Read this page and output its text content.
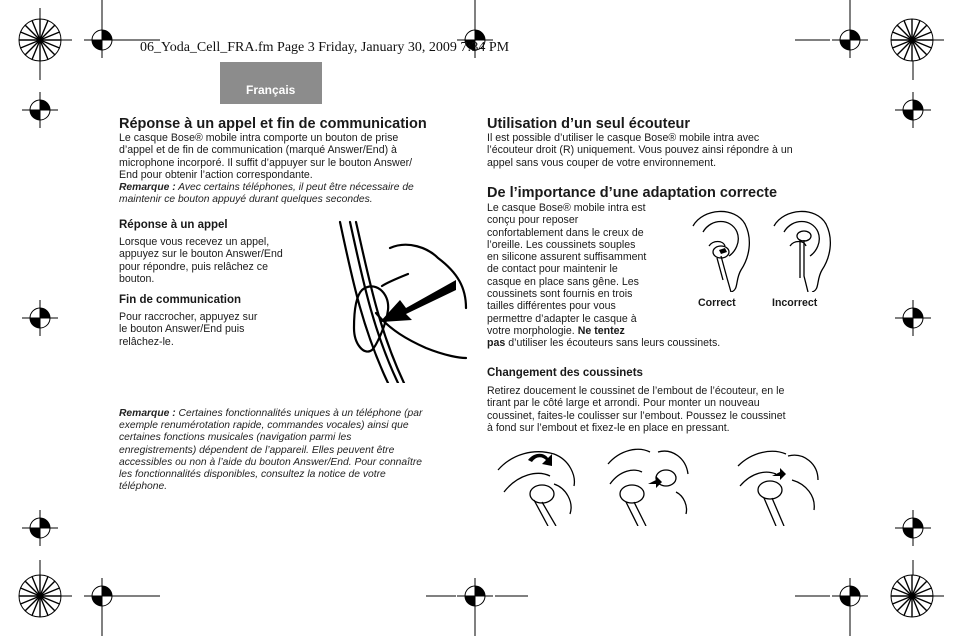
Français
06_Yoda_Cell_FRA.fm Page 3 Friday, January 30, 2009 7:34 PM
Réponse à un appel et fin de communication

Le casque Bose® mobile intra comporte un bouton de prise
d’appel et de fin de communication (marqué Answer/End) à
microphone incorporé. Il suffit d’appuyer sur le bouton Answer/
End pour obtenir l’action correspondante.

Remarque : Avec certains téléphones, il peut être nécessaire de
maintenir ce bouton appuyé durant quelques secondes.

Réponse à un appel

Lorsque vous recevez un appel,
appuyez sur le bouton Answer/End
pour répondre, puis relâchez ce
bouton.

Fin de communication

Pour raccrocher, appuyez sur
le bouton Answer/End puis
relâchez-le.

Remarque : Certaines fonctionnalités uniques à un téléphone (par
exemple renumérotation rapide, commandes vocales) ainsi que
certaines fonctions musicales (navigation parmi les
enregistrements) dépendent de l’appareil. Elles peuvent être
accessibles ou non à l’aide du bouton Answer/End. Pour connaître
les fonctionnalités disponibles, consultez la notice de votre
téléphone.

Utilisation d’un seul écouteur

Il est possible d’utiliser le casque Bose® mobile intra avec
l’écouteur droit (R) uniquement. Vous pouvez ainsi répondre à un
appel sans vous couper de votre environnement.

De l’importance d’une adaptation correcte

Le casque Bose® mobile intra est
conçu pour reposer
confortablement dans le creux de
l’oreille. Les coussinets souples
en silicone assurent suffisamment
de contact pour maintenir le
casque en place sans gêne. Les
coussinets sont fournis en trois
tailles différentes pour vous
permettre d’adapter le casque à
votre morphologie. Ne tentez
pas d’utiliser les écouteurs sans leurs coussinets.

Correct	Incorrect
Changement des coussinets

Retirez doucement le coussinet de l’embout de l’écouteur, en le
tirant par le côté large et arrondi. Pour monter un nouveau
coussinet, faites-le coulisser sur l’embout. Poussez le coussinet
à fond sur l’embout et fixez-le en place en pressant.
